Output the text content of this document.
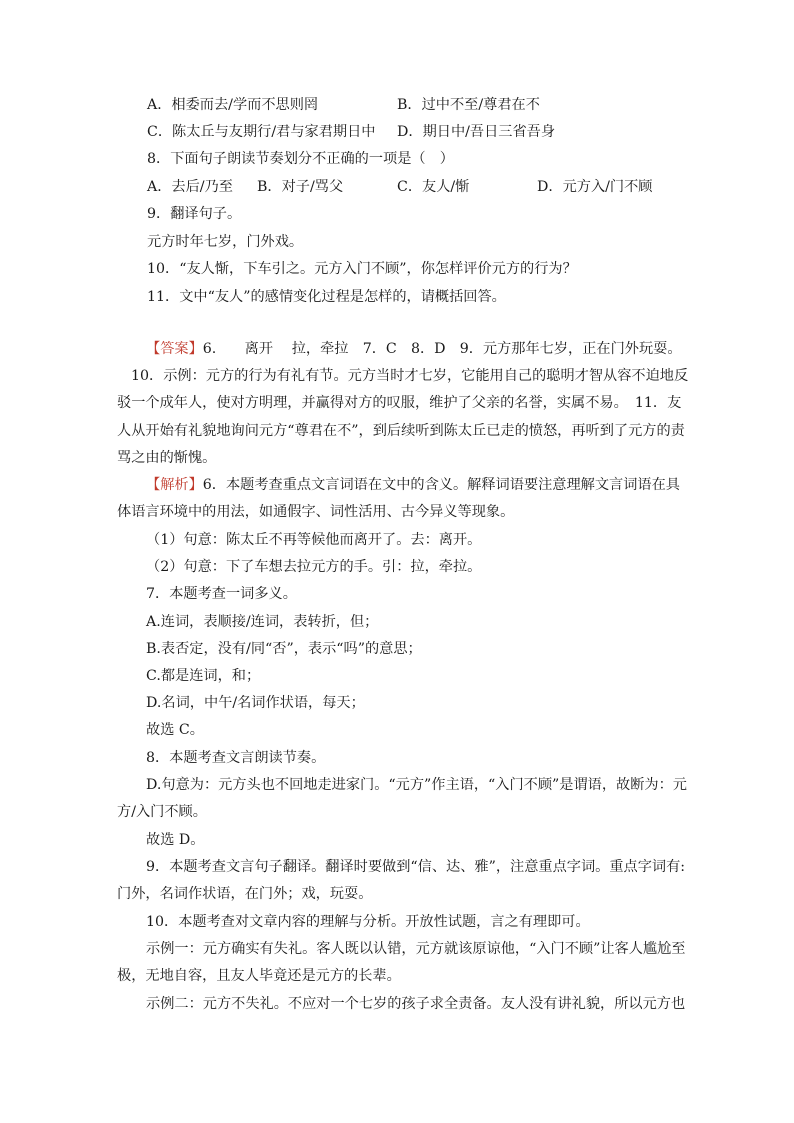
A．相委而去/学而不思则罔	B．过中不至/尊君在不
C．陈太丘与友期行/君与家君期日中 D．期日中/吾日三省吾身
8．下面句子朗读节奏划分不正确的一项是（　）
A．去后/乃至 B．对子/骂父	C．友人/惭	D．元方入/门不顾
9．翻译句子。
元方时年七岁，门外戏。
10．“友人惭，下车引之。元方入门不顾”，你怎样评价元方的行为？
11．文中“友人”的感情变化过程是怎样的，请概括回答。
【答案】6.　　离开　 拉，牵拉　7．C　8．D　9．元方那年七岁，正在门外玩耍。
10．示例：元方的行为有礼有节。元方当时才七岁，它能用自己的聪明才智从容不迫地反
驳一个成年人，使对方明理，并赢得对方的叹服，维护了父亲的名誉，实属不易。　11．友
人从开始有礼貌地询问元方“尊君在不”，到后续听到陈太丘已走的愤怒，再听到了元方的责
骂之由的惭愧。
【解析】6．本题考查重点文言词语在文中的含义。解释词语要注意理解文言词语在具
体语言环境中的用法，如通假字、词性活用、古今异义等现象。
（1）句意：陈太丘不再等候他而离开了。去：离开。
（2）句意：下了车想去拉元方的手。引：拉，牵拉。
7．本题考查一词多义。
A.连词，表顺接/连词，表转折，但；
B.表否定，没有/同“否”，表示“吗”的意思；
C.都是连词，和；
D.名词，中午/名词作状语，每天；
故选 C。
8．本题考查文言朗读节奏。
D.句意为：元方头也不回地走进家门。“元方”作主语，“入门不顾”是谓语，故断为：元
方/入门不顾。
故选 D。
9．本题考查文言句子翻译。翻译时要做到“信、达、雅”，注意重点字词。重点字词有:
门外，名词作状语，在门外；戏，玩耍。
10．本题考查对文章内容的理解与分析。开放性试题，言之有理即可。
示例一：元方确实有失礼。客人既以认错，元方就该原谅他，“入门不顾”让客人尴尬至
极，无地自容，且友人毕竟还是元方的长辈。
示例二：元方不失礼。不应对一个七岁的孩子求全责备。友人没有讲礼貌，所以元方也
